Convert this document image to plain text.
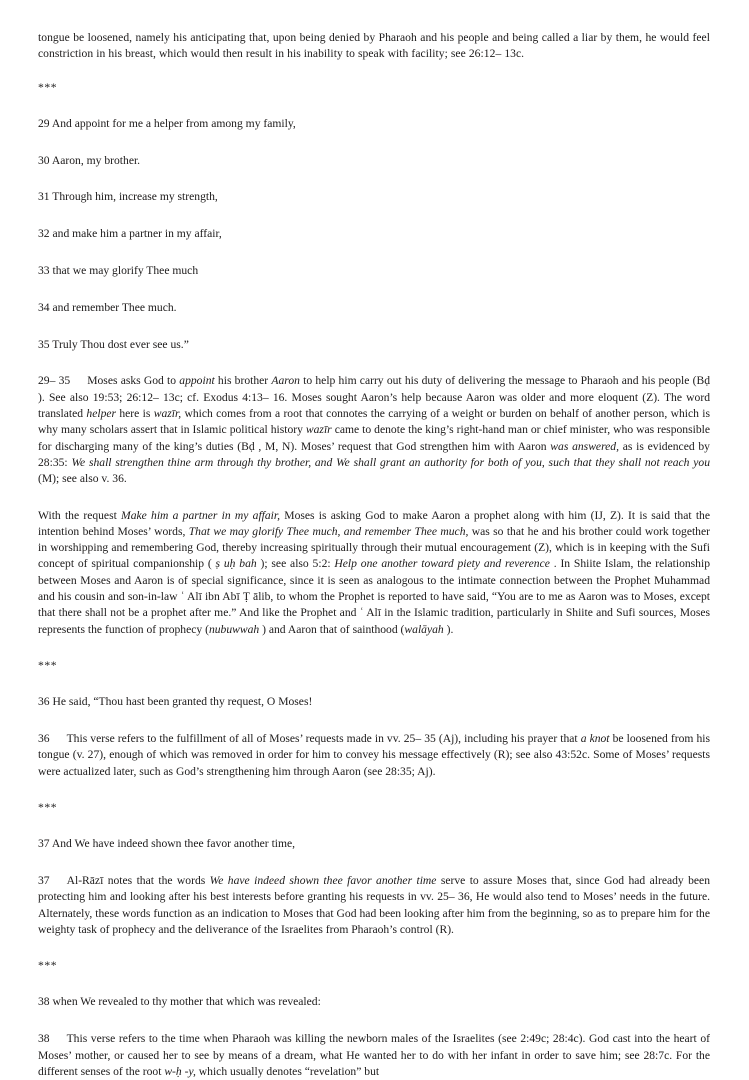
tongue be loosened, namely his anticipating that, upon being denied by Pharaoh and his people and being called a liar by them, he would feel constriction in his breast, which would then result in his inability to speak with facility; see 26:12– 13c.

***

29 And appoint for me a helper from among my family,

30 Aaron, my brother.

31 Through him, increase my strength,

32 and make him a partner in my affair,

33 that we may glorify Thee much

34 and remember Thee much.

35 Truly Thou dost ever see us.”

29– 35 Moses asks God to appoint his brother Aaron to help him carry out his duty of delivering the message to Pharaoh and his people (Bḍ ). See also 19:53; 26:12– 13c; cf. Exodus 4:13– 16. Moses sought Aaron’s help because Aaron was older and more eloquent (Z). The word translated helper here is wazīr, which comes from a root that connotes the carrying of a weight or burden on behalf of another person, which is why many scholars assert that in Islamic political history wazīr came to denote the king’s right-hand man or chief minister, who was responsible for discharging many of the king’s duties (Bḍ , M, N). Moses’ request that God strengthen him with Aaron was answered, as is evidenced by 28:35: We shall strengthen thine arm through thy brother, and We shall grant an authority for both of you, such that they shall not reach you (M); see also v. 36.

With the request Make him a partner in my affair, Moses is asking God to make Aaron a prophet along with him (IJ, Z). It is said that the intention behind Moses’ words, That we may glorify Thee much, and remember Thee much, was so that he and his brother could work together in worshipping and remembering God, thereby increasing spiritually through their mutual encouragement (Z), which is in keeping with the Sufi concept of spiritual companionship ( ṣ uḥ bah ); see also 5:2: Help one another toward piety and reverence . In Shiite Islam, the relationship between Moses and Aaron is of special significance, since it is seen as analogous to the intimate connection between the Prophet Muhammad and his cousin and son-in-law ʿ Alī ibn Abī Ṭ ālib, to whom the Prophet is reported to have said, “You are to me as Aaron was to Moses, except that there shall not be a prophet after me.” And like the Prophet and ʿ Alī in the Islamic tradition, particularly in Shiite and Sufi sources, Moses represents the function of prophecy (nubuwwah ) and Aaron that of sainthood (walāyah ).

***

36 He said, “Thou hast been granted thy request, O Moses!

36 This verse refers to the fulfillment of all of Moses’ requests made in vv. 25– 35 (Aj), including his prayer that a knot be loosened from his tongue (v. 27), enough of which was removed in order for him to convey his message effectively (R); see also 43:52c. Some of Moses’ requests were actualized later, such as God’s strengthening him through Aaron (see 28:35; Aj).

***

37 And We have indeed shown thee favor another time,

37 Al-Rāzī notes that the words We have indeed shown thee favor another time serve to assure Moses that, since God had already been protecting him and looking after his best interests before granting his requests in vv. 25– 36, He would also tend to Moses’ needs in the future. Alternately, these words function as an indication to Moses that God had been looking after him from the beginning, so as to prepare him for the weighty task of prophecy and the deliverance of the Israelites from Pharaoh’s control (R).

***

38 when We revealed to thy mother that which was revealed:

38 This verse refers to the time when Pharaoh was killing the newborn males of the Israelites (see 2:49c; 28:4c). God cast into the heart of Moses’ mother, or caused her to see by means of a dream, what He wanted her to do with her infant in order to save him; see 28:7c. For the different senses of the root w-ḥ -y, which usually denotes “revelation” but
